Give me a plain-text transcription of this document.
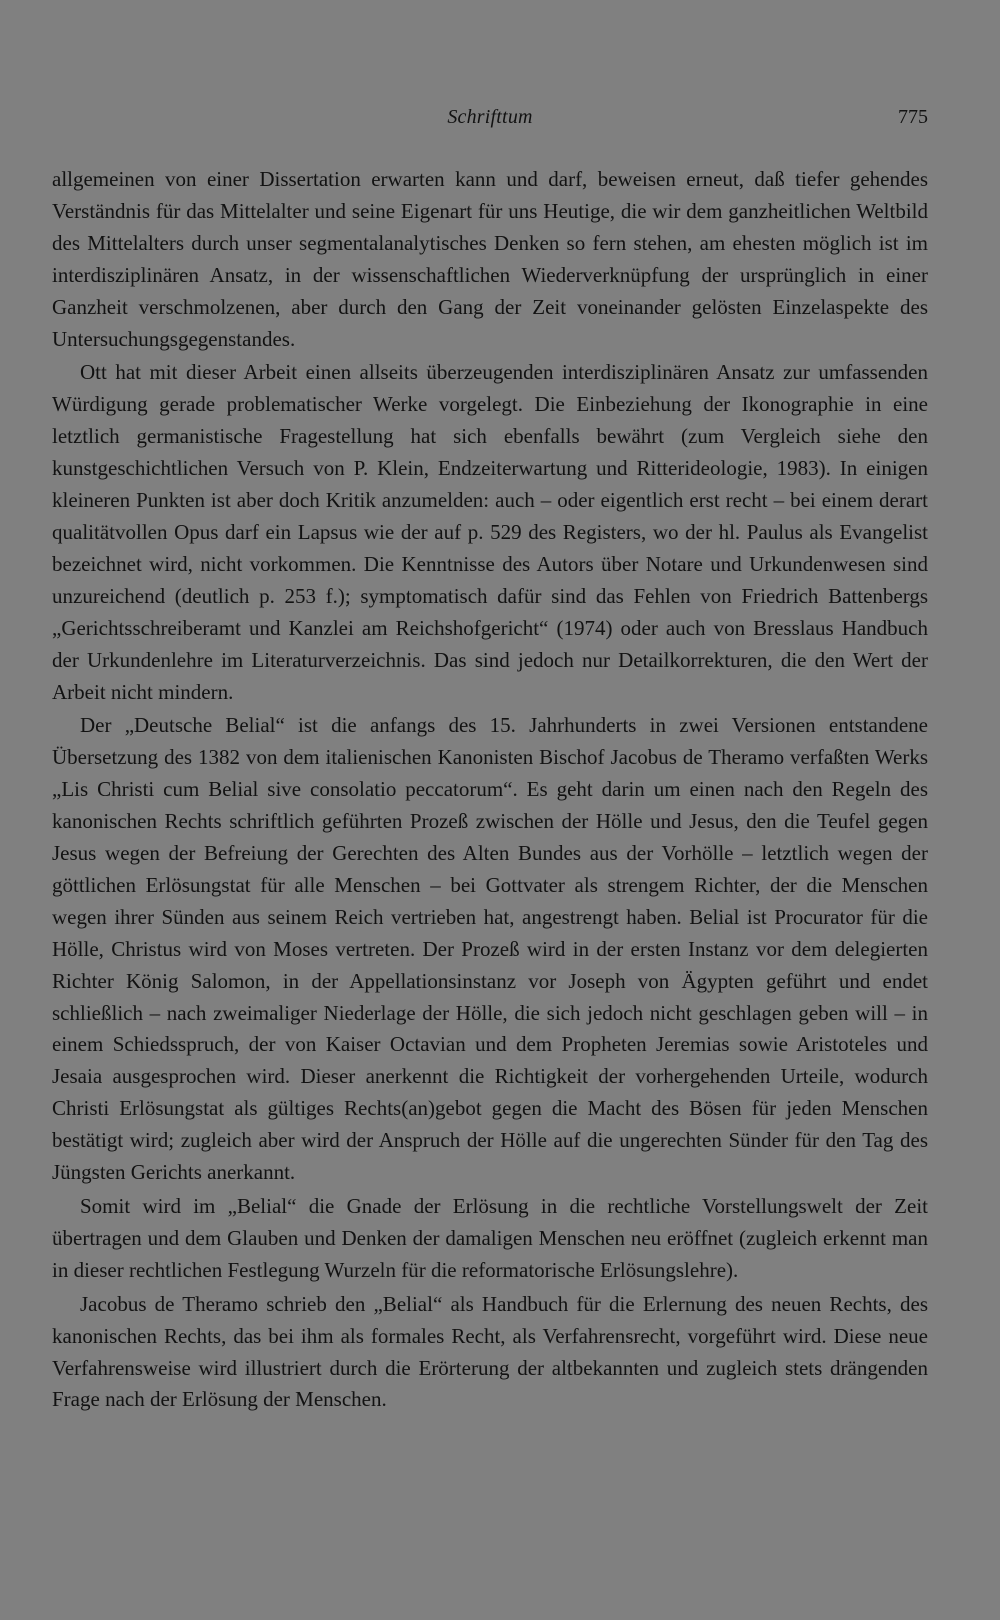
Schrifttum	775

allgemeinen von einer Dissertation erwarten kann und darf, beweisen erneut, daß tiefer gehendes Verständnis für das Mittelalter und seine Eigenart für uns Heutige, die wir dem ganzheitlichen Weltbild des Mittelalters durch unser segmentalanalytisches Denken so fern stehen, am ehesten möglich ist im interdisziplinären Ansatz, in der wissenschaftlichen Wiederverknüpfung der ursprünglich in einer Ganzheit verschmolzenen, aber durch den Gang der Zeit voneinander gelösten Einzelaspekte des Untersuchungsgegenstandes.

Ott hat mit dieser Arbeit einen allseits überzeugenden interdisziplinären Ansatz zur umfassenden Würdigung gerade problematischer Werke vorgelegt. Die Einbeziehung der Ikonographie in eine letztlich germanistische Fragestellung hat sich ebenfalls bewährt (zum Vergleich siehe den kunstgeschichtlichen Versuch von P. Klein, Endzeiterwartung und Ritterideologie, 1983). In einigen kleineren Punkten ist aber doch Kritik anzumelden: auch – oder eigentlich erst recht – bei einem derart qualitätvollen Opus darf ein Lapsus wie der auf p. 529 des Registers, wo der hl. Paulus als Evangelist bezeichnet wird, nicht vorkommen. Die Kenntnisse des Autors über Notare und Urkundenwesen sind unzureichend (deutlich p. 253 f.); symptomatisch dafür sind das Fehlen von Friedrich Battenbergs „Gerichtsschreiberamt und Kanzlei am Reichshofgericht“ (1974) oder auch von Bresslaus Handbuch der Urkundenlehre im Literaturverzeichnis. Das sind jedoch nur Detailkorrekturen, die den Wert der Arbeit nicht mindern.

Der „Deutsche Belial“ ist die anfangs des 15. Jahrhunderts in zwei Versionen entstandene Übersetzung des 1382 von dem italienischen Kanonisten Bischof Jacobus de Theramo verfaßten Werks „Lis Christi cum Belial sive consolatio peccatorum“. Es geht darin um einen nach den Regeln des kanonischen Rechts schriftlich geführten Prozeß zwischen der Hölle und Jesus, den die Teufel gegen Jesus wegen der Befreiung der Gerechten des Alten Bundes aus der Vorhölle – letztlich wegen der göttlichen Erlösungstat für alle Menschen – bei Gottvater als strengem Richter, der die Menschen wegen ihrer Sünden aus seinem Reich vertrieben hat, angestrengt haben. Belial ist Procurator für die Hölle, Christus wird von Moses vertreten. Der Prozeß wird in der ersten Instanz vor dem delegierten Richter König Salomon, in der Appellationsinstanz vor Joseph von Ägypten geführt und endet schließlich – nach zweimaliger Niederlage der Hölle, die sich jedoch nicht geschlagen geben will – in einem Schiedsspruch, der von Kaiser Octavian und dem Propheten Jeremias sowie Aristoteles und Jesaia ausgesprochen wird. Dieser anerkennt die Richtigkeit der vorhergehenden Urteile, wodurch Christi Erlösungstat als gültiges Rechts(an)gebot gegen die Macht des Bösen für jeden Menschen bestätigt wird; zugleich aber wird der Anspruch der Hölle auf die ungerechten Sünder für den Tag des Jüngsten Gerichts anerkannt.

Somit wird im „Belial“ die Gnade der Erlösung in die rechtliche Vorstellungswelt der Zeit übertragen und dem Glauben und Denken der damaligen Menschen neu eröffnet (zugleich erkennt man in dieser rechtlichen Festlegung Wurzeln für die reformatorische Erlösungslehre).

Jacobus de Theramo schrieb den „Belial“ als Handbuch für die Erlernung des neuen Rechts, des kanonischen Rechts, das bei ihm als formales Recht, als Verfahrensrecht, vorgeführt wird. Diese neue Verfahrensweise wird illustriert durch die Erörterung der altbekannten und zugleich stets drängenden Frage nach der Erlösung der Menschen.
